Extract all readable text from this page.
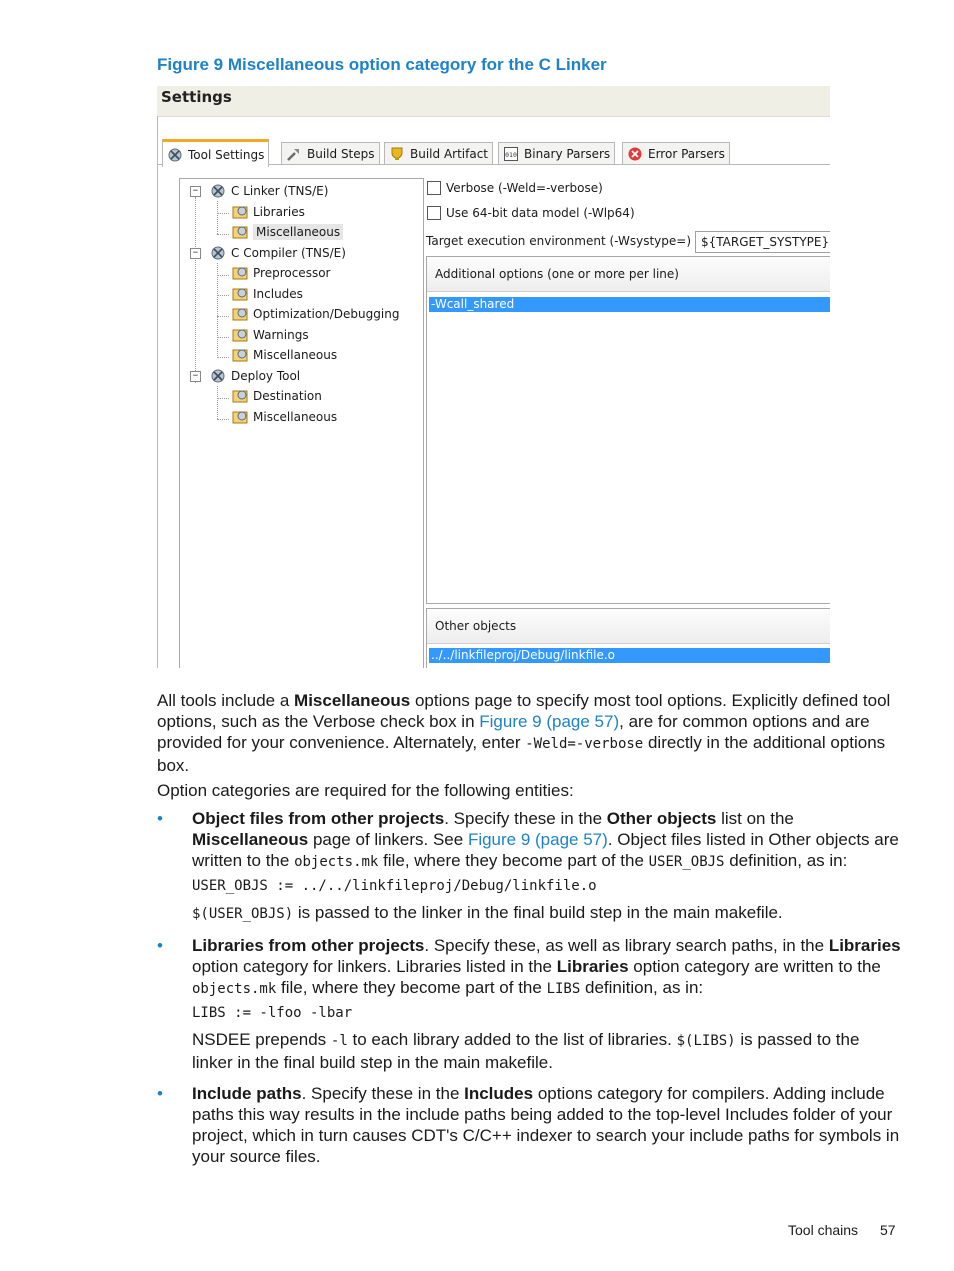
Figure 9 Miscellaneous option category for the C Linker
Settings
Tool Settings	Build Steps	Build Artifact	010 Binary Parsers	Error Parsers
−
−
−
C Linker (TNS/E)
Libraries
Miscellaneous
C Compiler (TNS/E)
Preprocessor
Includes
Optimization/Debugging
Warnings
Miscellaneous
Deploy Tool
Destination
Miscellaneous
Verbose (-Weld=-verbose)
Use 64-bit data model (-Wlp64)
Target execution environment (-Wsystype=) ${TARGET_SYSTYPE}
Additional options (one or more per line)
-Wcall_shared
Other objects
../../linkfileproj/Debug/linkfile.o
All tools include a Miscellaneous options page to specify most tool options. Explicitly defined tool options, such as the Verbose check box in Figure 9 (page 57), are for common options and are provided for your convenience. Alternately, enter -Weld=-verbose directly in the additional options box.
Option categories are required for the following entities:
• Object files from other projects. Specify these in the Other objects list on the Miscellaneous page of linkers. See Figure 9 (page 57). Object files listed in Other objects are written to the objects.mk file, where they become part of the USER_OBJS definition, as in:
USER_OBJS := ../../linkfileproj/Debug/linkfile.o
$(USER_OBJS) is passed to the linker in the final build step in the main makefile.
• Libraries from other projects. Specify these, as well as library search paths, in the Libraries option category for linkers. Libraries listed in the Libraries option category are written to the objects.mk file, where they become part of the LIBS definition, as in:
LIBS := -lfoo -lbar
NSDEE prepends -l to each library added to the list of libraries. $(LIBS) is passed to the linker in the final build step in the main makefile.
• Include paths. Specify these in the Includes options category for compilers. Adding include paths this way results in the include paths being added to the top-level Includes folder of your project, which in turn causes CDT's C/C++ indexer to search your include paths for symbols in your source files.
Tool chains 57
